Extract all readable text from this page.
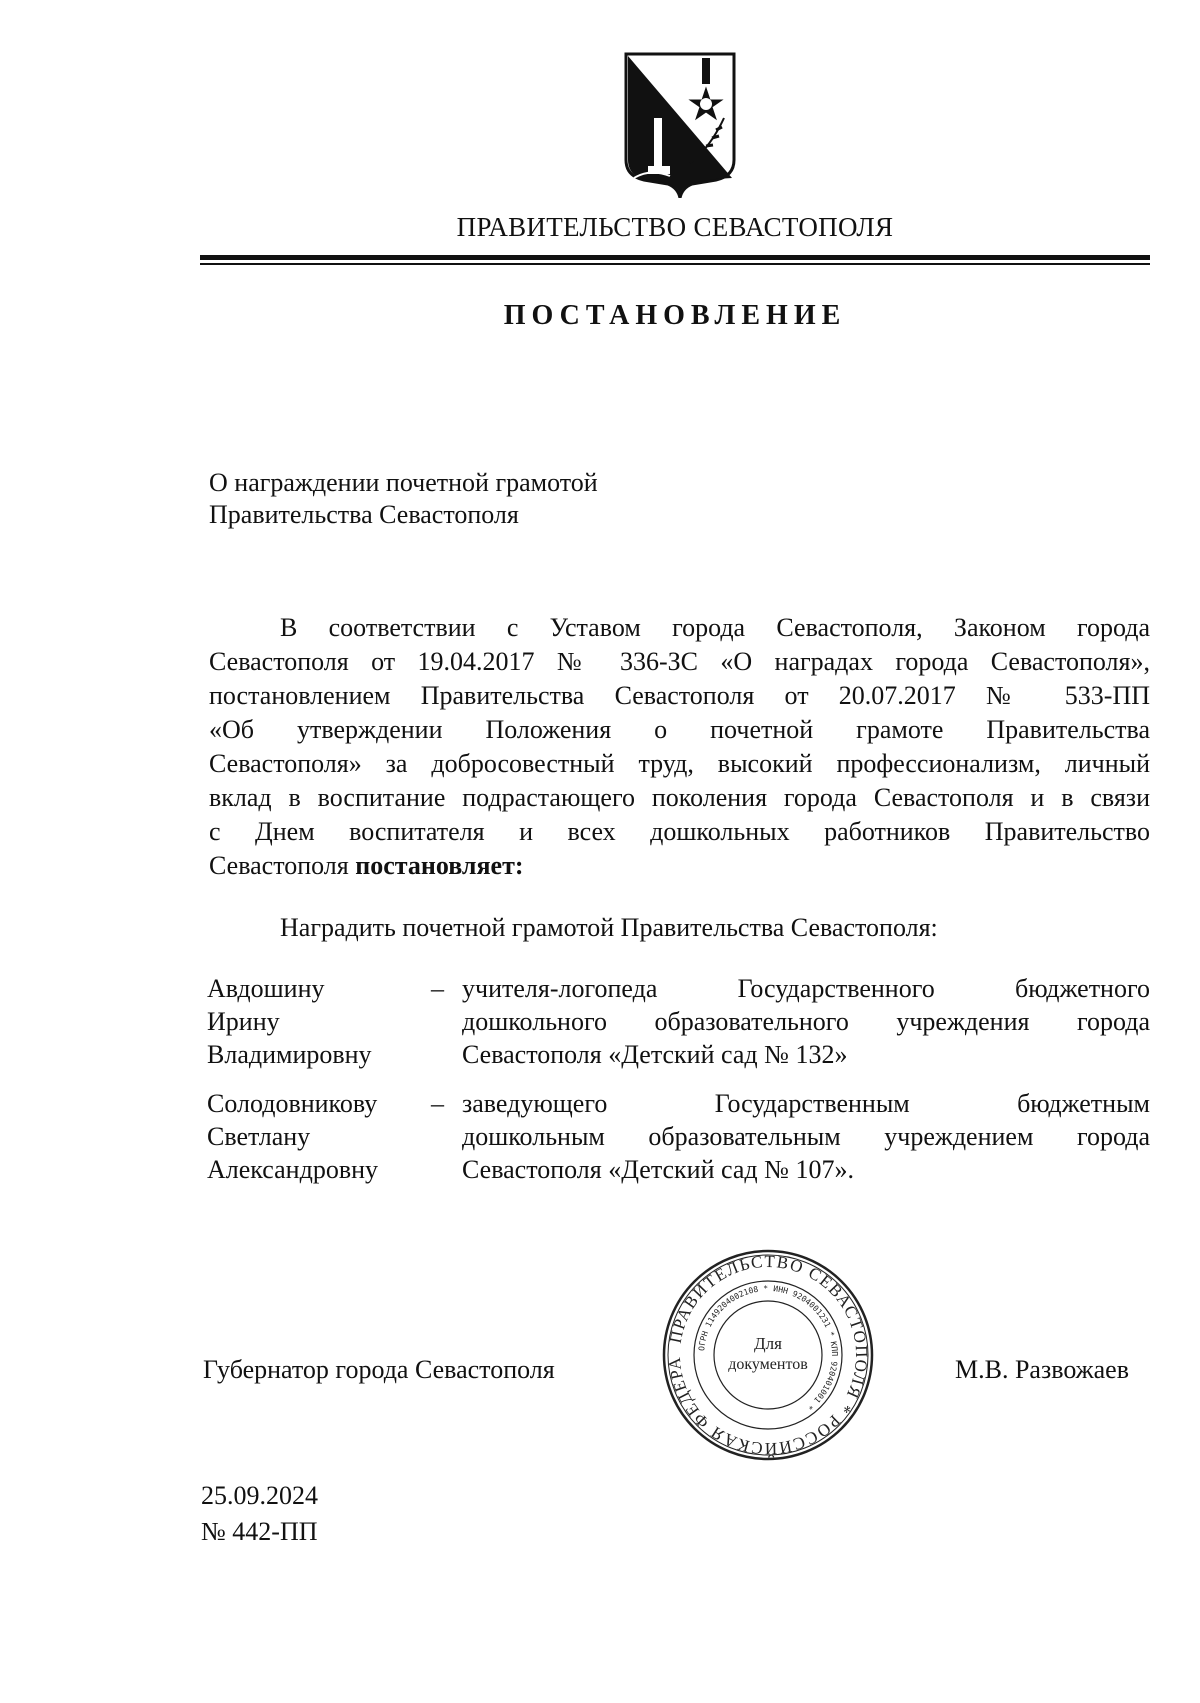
ПРАВИТЕЛЬСТВО СЕВАСТОПОЛЯ
ПОСТАНОВЛЕНИЕ
О награждении почетной грамотой
Правительства Севастополя
В соответствии с Уставом города Севастополя, Законом города
Севастополя от 19.04.2017 № 336-ЗС «О наградах города Севастополя»,
постановлением Правительства Севастополя от 20.07.2017 № 533-ПП
«Об утверждении Положения о почетной грамоте Правительства
Севастополя» за добросовестный труд, высокий профессионализм, личный
вклад в воспитание подрастающего поколения города Севастополя и в связи
с Днем воспитателя и всех дошкольных работников Правительство
Севастополя постановляет:
Наградить почетной грамотой Правительства Севастополя:
Авдошину
Ирину
Владимировну
– учителя-логопеда Государственного бюджетного
дошкольного образовательного учреждения города
Севастополя «Детский сад № 132»
Солодовникову
Светлану
Александровну
– заведующего Государственным бюджетным
дошкольным образовательным учреждением города
Севастополя «Детский сад № 107».
Губернатор города Севастополя	М.В. Развожаев
ПРАВИТЕЛЬСТВО СЕВАСТОПОЛЯ * РОССИЙСКАЯ ФЕДЕРА
ОГРН 1149204002108 * ИНН 9204001231 * КПП 920401001 *
Для
документов
25.09.2024
№ 442-ПП
